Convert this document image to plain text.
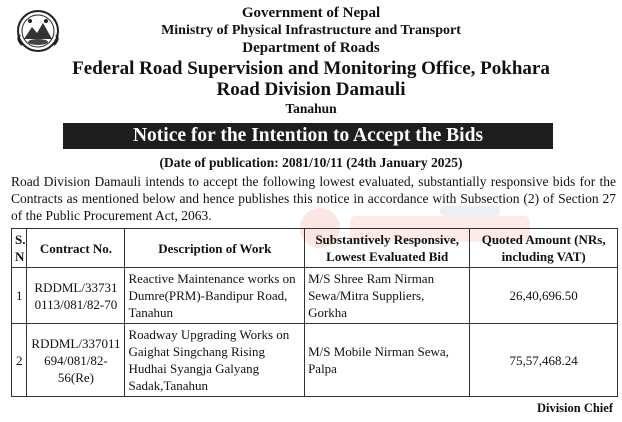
Government of Nepal
Ministry of Physical Infrastructure and Transport
Department of Roads
Federal Road Supervision and Monitoring Office, Pokhara
Road Division Damauli
Tanahun
Notice for the Intention to Accept the Bids
(Date of publication: 2081/10/11 (24th January 2025)

Road Division Damauli intends to accept the following lowest evaluated, substantially responsive bids for the Contracts as mentioned below and hence publishes this notice in accordance with Subsection (2) of Section 27 of the Public Procurement Act, 2063.

S. N	Contract No.	Description of Work	Substantively Responsive, Lowest Evaluated Bid	Quoted Amount (NRs, including VAT)
1	RDDML/33731 0113/081/82-70	Reactive Maintenance works on Dumre(PRM)-Bandipur Road, Tanahun	M/S Shree Ram Nirman Sewa/Mitra Suppliers, Gorkha	26,40,696.50
2	RDDML/337011 694/081/82-56(Re)	Roadway Upgrading Works on Gaighat Singchang Rising Hudhai Syangja Galyang Sadak,Tanahun	M/S Mobile Nirman Sewa, Palpa	75,57,468.24
Division Chief
